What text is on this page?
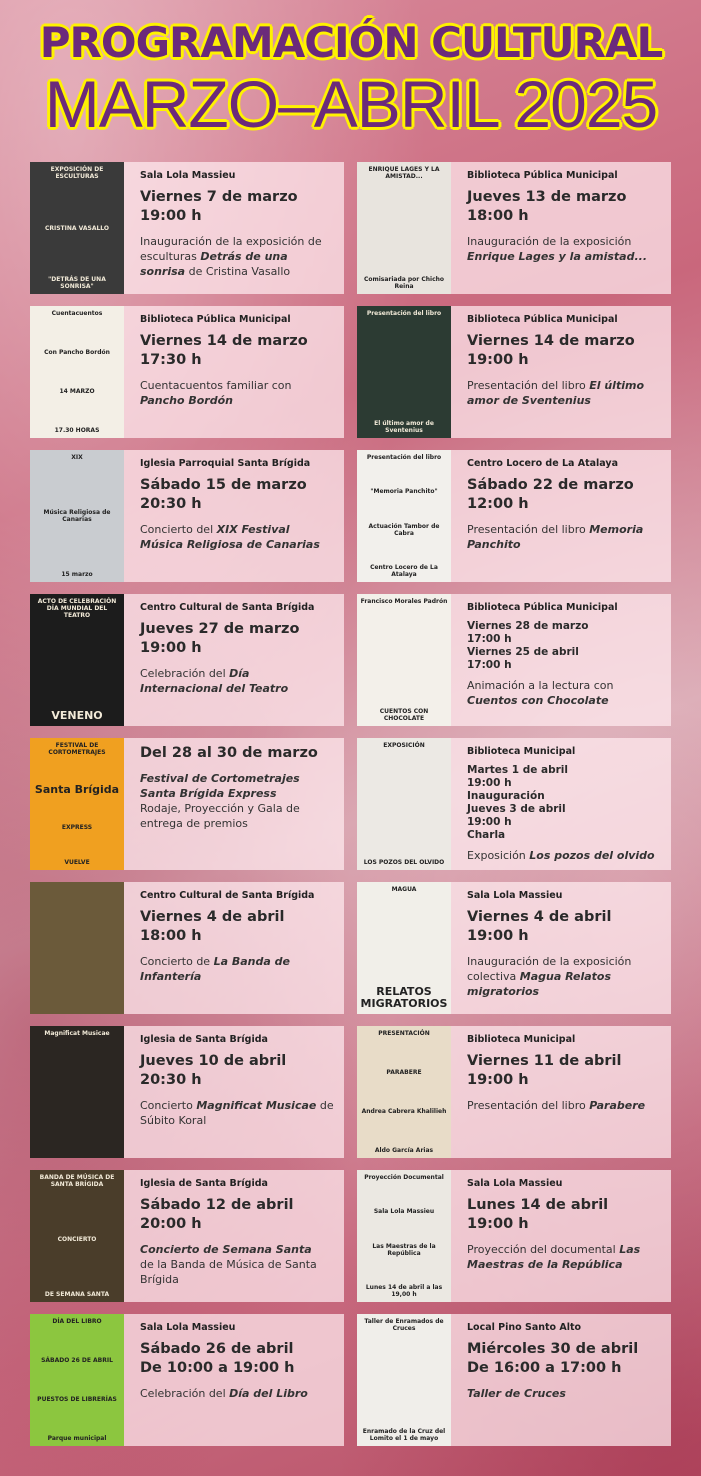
PROGRAMACIÓN CULTURAL
MARZO–ABRIL 2025
EXPOSICIÓN DE ESCULTURAS
CRISTINA VASALLO
"DETRÁS DE UNA SONRISA"
Sala Lola Massieu
Viernes 7 de marzo
19:00 h
Inauguración de la exposición de esculturas Detrás de una sonrisa de Cristina Vasallo
ENRIQUE LAGES Y LA AMISTAD...
Comisariada por Chicho Reina
Biblioteca Pública Municipal
Jueves 13 de marzo
18:00 h
Inauguración de la exposición Enrique Lages y la amistad...
Cuentacuentos
Con Pancho Bordón
14 MARZO
17.30 HORAS
Biblioteca Pública Municipal
Viernes 14 de marzo
17:30 h
Cuentacuentos familiar con Pancho Bordón
Presentación del libro
El último amor de Sventenius
Biblioteca Pública Municipal
Viernes 14 de marzo
19:00 h
Presentación del libro El último amor de Sventenius
XIX
Música Religiosa de Canarias
15 marzo
Iglesia Parroquial Santa Brígida
Sábado 15 de marzo
20:30 h
Concierto del XIX Festival Música Religiosa de Canarias
Presentación del libro
"Memoria Panchito"
Actuación Tambor de Cabra
Centro Locero de La Atalaya
Centro Locero de La Atalaya
Sábado 22 de marzo
12:00 h
Presentación del libro Memoria Panchito
ACTO DE CELEBRACIÓN DÍA MUNDIAL DEL TEATRO
VENENO
Centro Cultural de Santa Brígida
Jueves 27 de marzo
19:00 h
Celebración del Día Internacional del Teatro
Francisco Morales Padrón
CUENTOS CON CHOCOLATE
Biblioteca Pública Municipal
Viernes 28 de marzo
17:00 h
Viernes 25 de abril
17:00 h
Animación a la lectura con Cuentos con Chocolate
FESTIVAL DE CORTOMETRAJES
Santa Brígida
EXPRESS
VUELVE
Del 28 al 30 de marzo
Festival de Cortometrajes Santa Brígida Express
Rodaje, Proyección y Gala de entrega de premios
EXPOSICIÓN
LOS POZOS DEL OLVIDO
Biblioteca Municipal
Martes 1 de abril
19:00 h
Inauguración
Jueves 3 de abril
19:00 h
Charla
Exposición Los pozos del olvido
Centro Cultural de Santa Brígida
Viernes 4 de abril
18:00 h
Concierto de La Banda de Infantería
MAGUA
RELATOS MIGRATORIOS
Sala Lola Massieu
Viernes 4 de abril
19:00 h
Inauguración de la exposición colectiva Magua Relatos migratorios
Magnificat Musicae
Iglesia de Santa Brígida
Jueves 10 de abril
20:30 h
Concierto Magnificat Musicae de Súbito Koral
PRESENTACIÓN
PARABERE
Andrea Cabrera Khalilieh
Aldo García Arias
Biblioteca Municipal
Viernes 11 de abril
19:00 h
Presentación del libro Parabere
BANDA DE MÚSICA DE SANTA BRÍGIDA
CONCIERTO
DE SEMANA SANTA
Iglesia de Santa Brígida
Sábado 12 de abril
20:00 h
Concierto de Semana Santa
de la Banda de Música de Santa Brígida
Proyección Documental
Sala Lola Massieu
Las Maestras de la República
Lunes 14 de abril a las 19,00 h
Sala Lola Massieu
Lunes 14 de abril
19:00 h
Proyección del documental Las Maestras de la República
DÍA DEL LIBRO
SÁBADO 26 DE ABRIL
PUESTOS DE LIBRERÍAS
Parque municipal
Sala Lola Massieu
Sábado 26 de abril
De 10:00 a 19:00 h
Celebración del Día del Libro
Taller de Enramados de Cruces
Enramado de la Cruz del Lomito el 1 de mayo
Local Pino Santo Alto
Miércoles 30 de abril
De 16:00 a 17:00 h
Taller de Cruces
